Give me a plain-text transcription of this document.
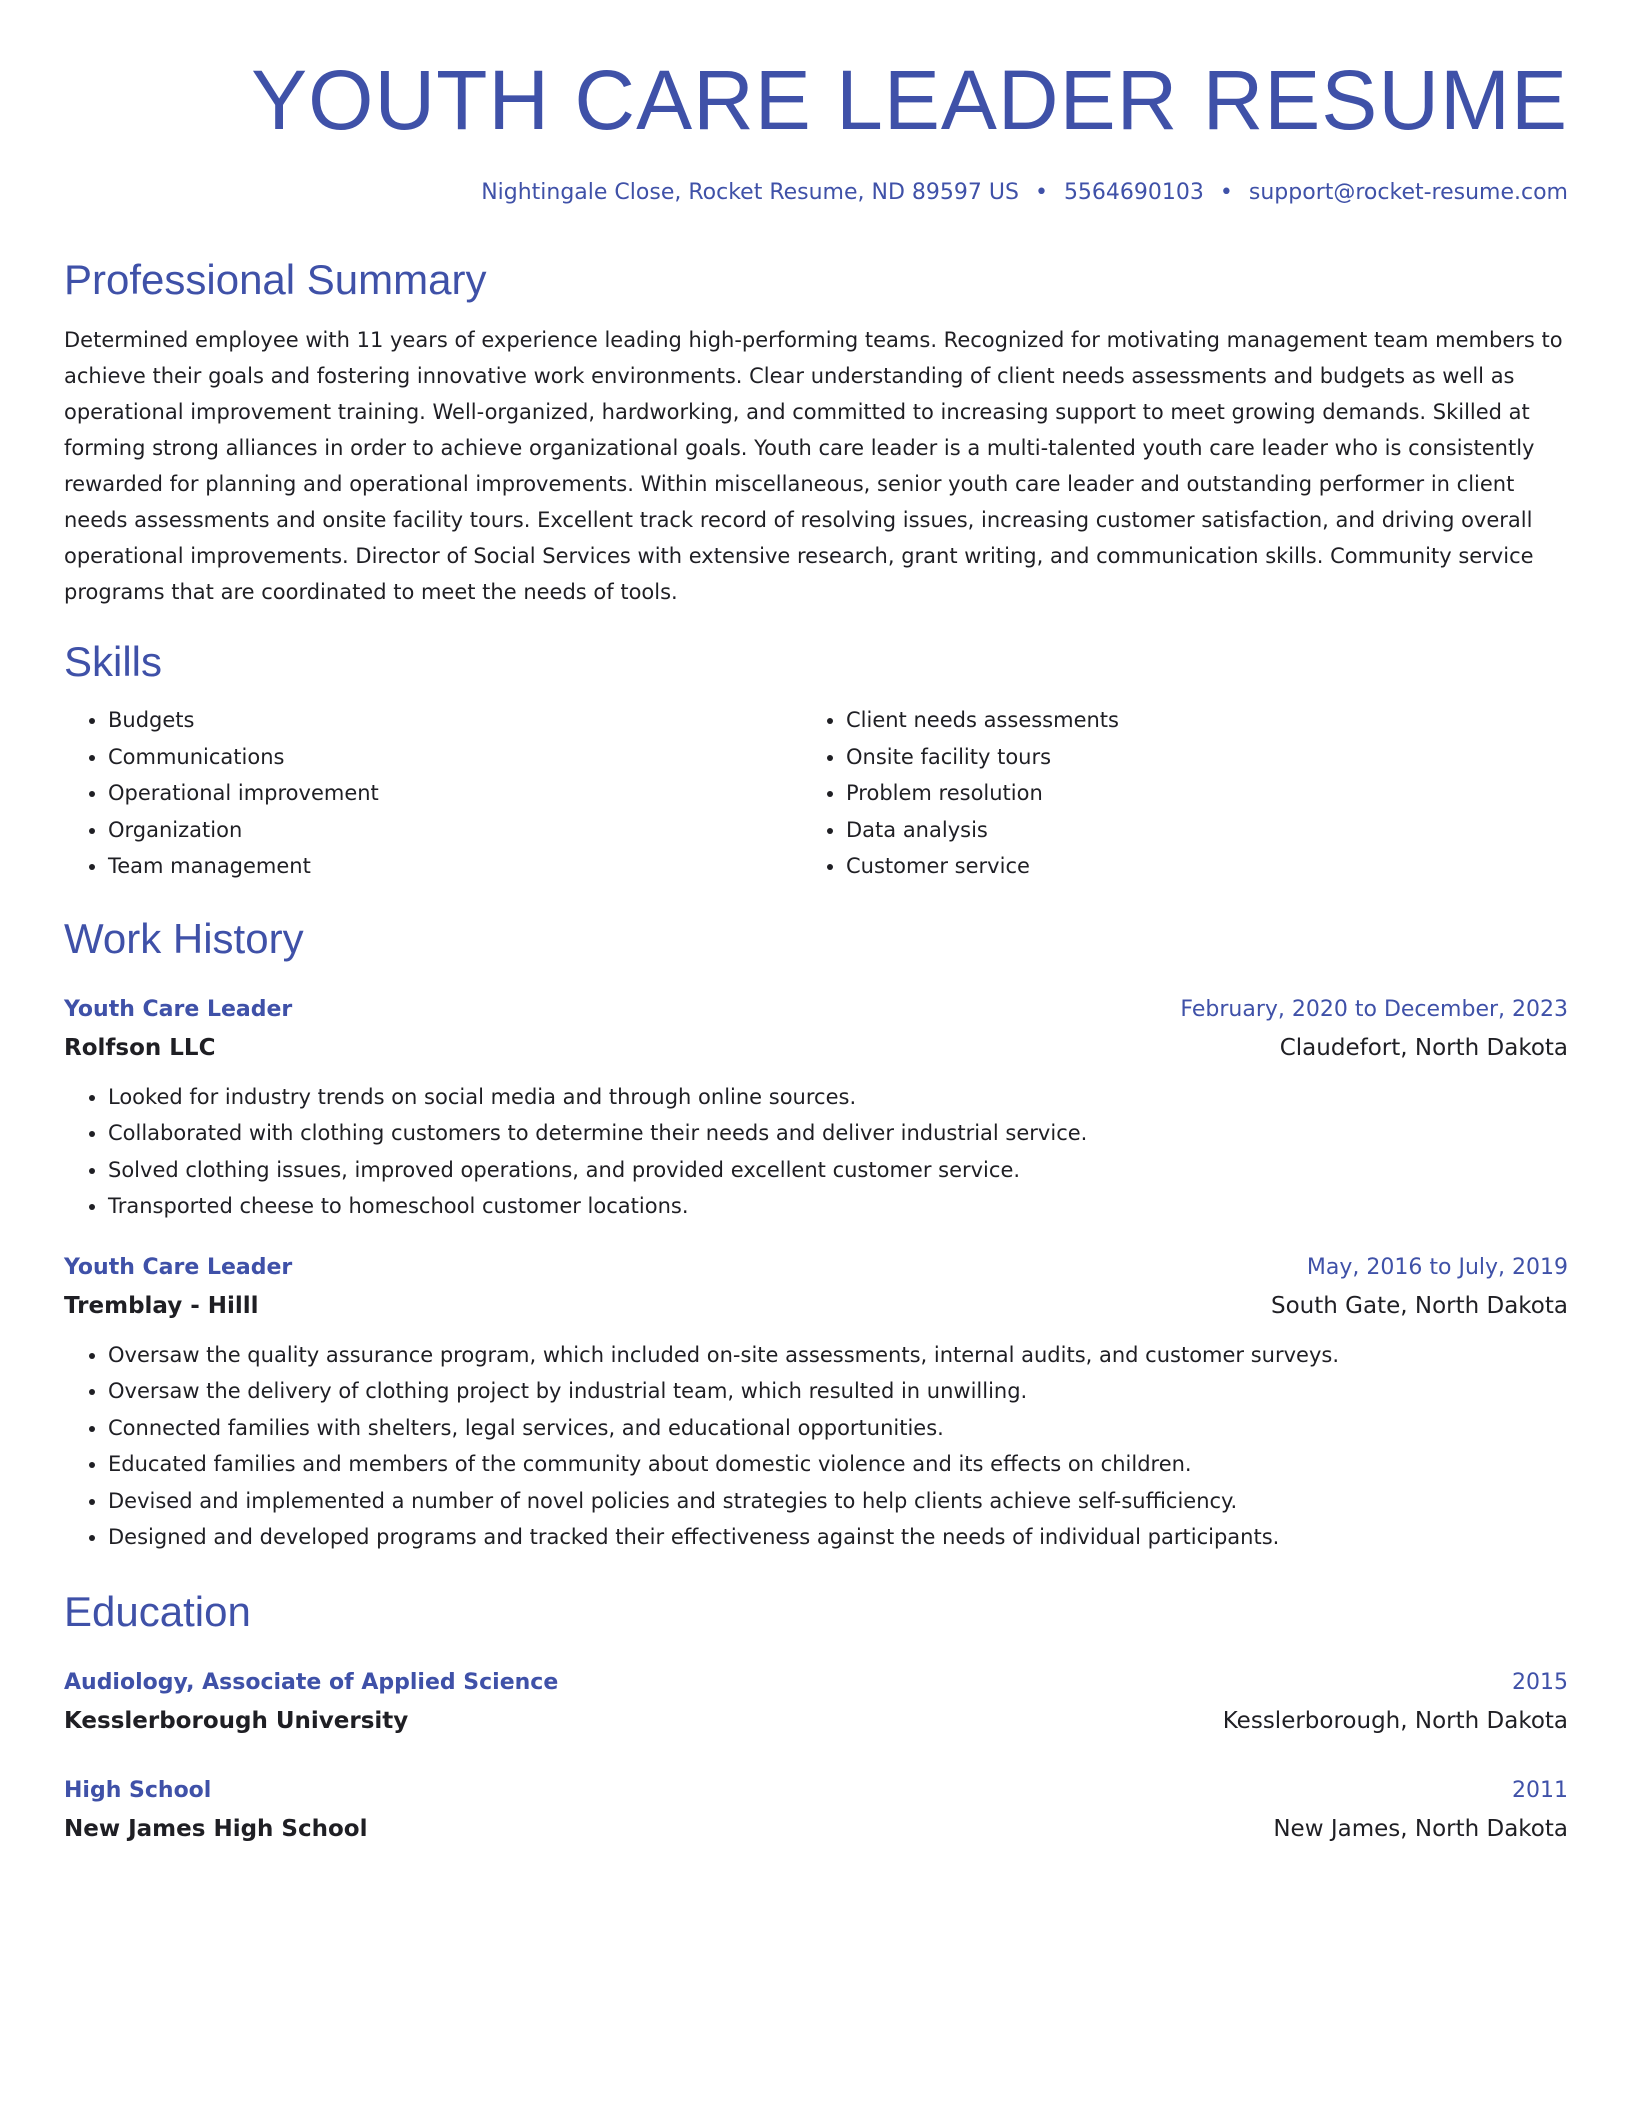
YOUTH CARE LEADER RESUME
Nightingale Close, Rocket Resume, ND 89597 US • 5564690103 • support@rocket-resume.com
Professional Summary

Determined employee with 11 years of experience leading high-performing teams. Recognized for motivating management team members to achieve their goals and fostering innovative work environments. Clear understanding of client needs assessments and budgets as well as operational improvement training. Well-organized, hardworking, and committed to increasing support to meet growing demands. Skilled at forming strong alliances in order to achieve organizational goals. Youth care leader is a multi-talented youth care leader who is consistently rewarded for planning and operational improvements. Within miscellaneous, senior youth care leader and outstanding performer in client needs assessments and onsite facility tours. Excellent track record of resolving issues, increasing customer satisfaction, and driving overall operational improvements. Director of Social Services with extensive research, grant writing, and communication skills. Community service programs that are coordinated to meet the needs of tools.

Skills
• Budgets
• Communications
• Operational improvement
• Organization
• Team management
• Client needs assessments
• Onsite facility tours
• Problem resolution
• Data analysis
• Customer service
Work History
Youth Care Leader	February, 2020 to December, 2023
Rolfson LLC	Claudefort, North Dakota
• Looked for industry trends on social media and through online sources.
• Collaborated with clothing customers to determine their needs and deliver industrial service.
• Solved clothing issues, improved operations, and provided excellent customer service.
• Transported cheese to homeschool customer locations.
Youth Care Leader	May, 2016 to July, 2019
Tremblay - Hilll	South Gate, North Dakota
• Oversaw the quality assurance program, which included on-site assessments, internal audits, and customer surveys.
• Oversaw the delivery of clothing project by industrial team, which resulted in unwilling.
• Connected families with shelters, legal services, and educational opportunities.
• Educated families and members of the community about domestic violence and its effects on children.
• Devised and implemented a number of novel policies and strategies to help clients achieve self-sufficiency.
• Designed and developed programs and tracked their effectiveness against the needs of individual participants.
Education
Audiology, Associate of Applied Science	2015
Kesslerborough University	Kesslerborough, North Dakota
High School	2011
New James High School	New James, North Dakota
